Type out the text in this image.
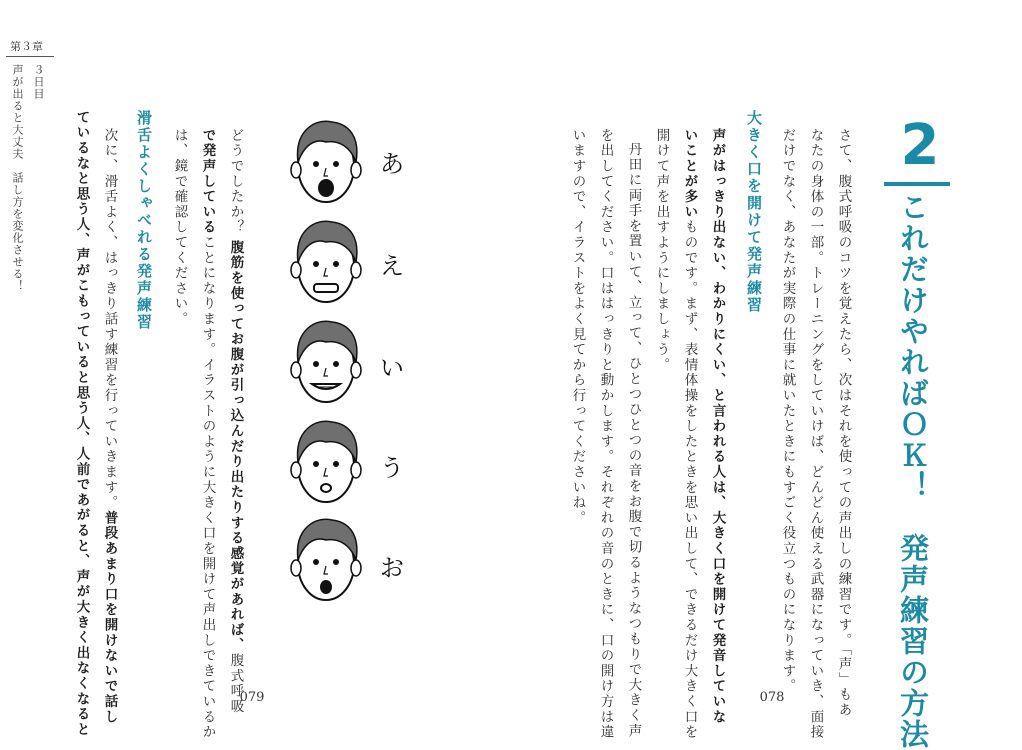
第３章
３日目
声が出ると大丈夫　話し方を変化させる！	2
これだけやればＯＫ！　発声練習の方法
さて、腹式呼吸のコツを覚えたら、次はそれを使っての声出しの練習です。「声」もあ
なたの身体の一部。トレーニングをしていけば、どんどん使える武器になっていき、面接
だけでなく、あなたが実際の仕事に就いたときにもすごく役立つものになります。
大きく口を開けて発声練習
声がはっきり出ない、わかりにくい、と言われる人は、大きく口を開けて発音していな
いことが多いものです。まず、表情体操をしたときを思い出して、できるだけ大きく口を
開けて声を出すようにしましょう。
丹田に両手を置いて、立って、ひとつひとつの音をお腹で切るようなつもりで大きく声
を出してください。口ははっきりと動かします。それぞれの音のときに、口の開け方は違
いますので、イラストをよく見てから行ってくださいね。
078
あ
え
い
う
お
どうでしたか？
腹筋を使ってお腹が引っ込んだり出たりする感覚があれば、腹式呼吸
で発声していることになります。イラストのように大きく口を開けて声出しできているか
は、鏡で確認してください。
滑舌よくしゃべれる発声練習
次に、滑舌よく、はっきり話す練習を行っていきます。普段あまり口を開けないで話し
ているなと思う人、声がこもっていると思う人、人前であがると、声が大きく出なくなると	079
